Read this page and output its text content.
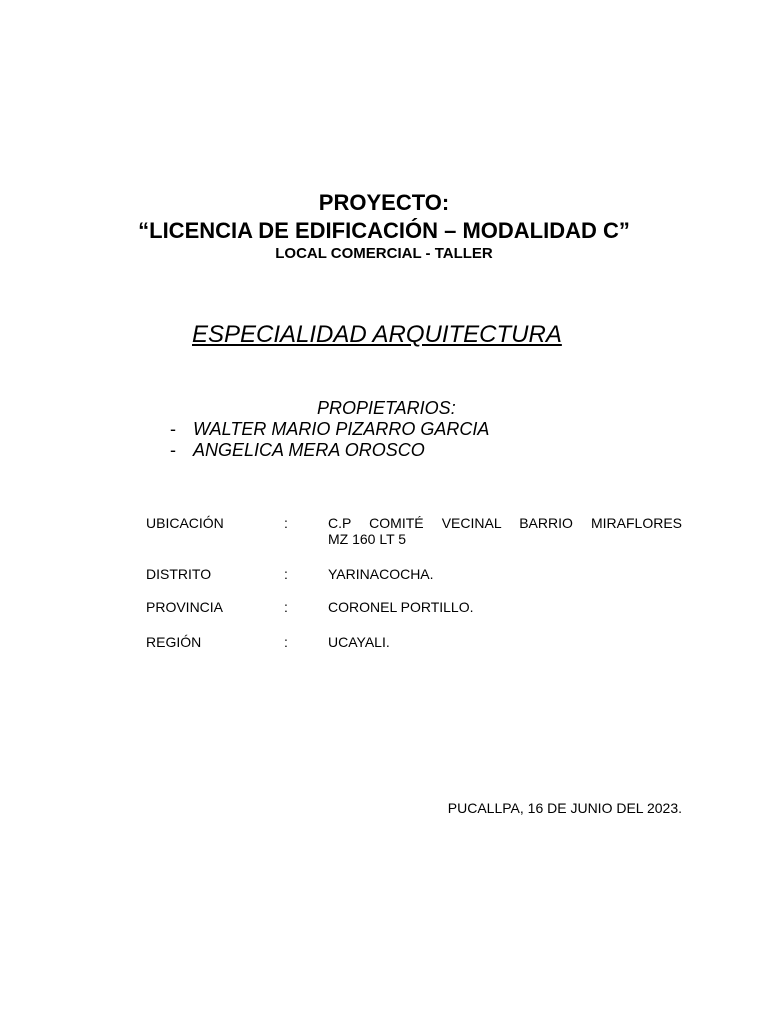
PROYECTO:
“LICENCIA DE EDIFICACIÓN – MODALIDAD C”
LOCAL COMERCIAL - TALLER
ESPECIALIDAD ARQUITECTURA
PROPIETARIOS:
- WALTER MARIO PIZARRO GARCIA
- ANGELICA MERA OROSCO
UBICACIÓN	:	C.P COMITÉ VECINAL BARRIO MIRAFLORES
MZ 160 LT 5
DISTRITO	:	YARINACOCHA.
PROVINCIA	:	CORONEL PORTILLO.
REGIÓN	:	UCAYALI.
PUCALLPA, 16 DE JUNIO DEL 2023.
